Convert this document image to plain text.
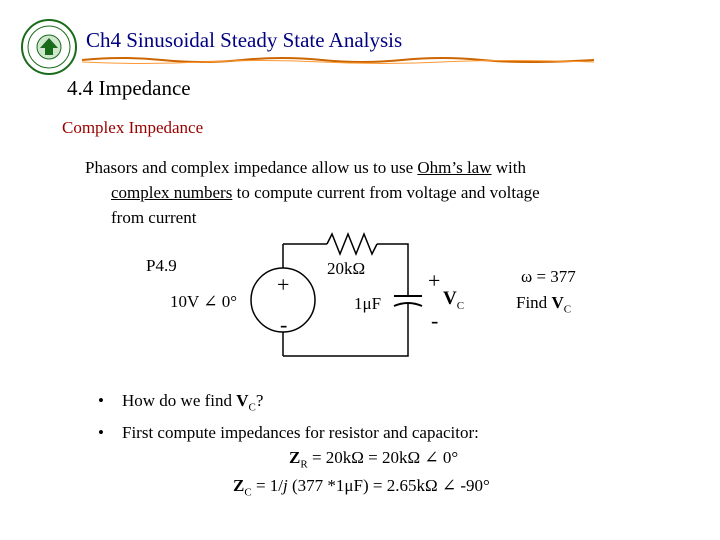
Ch4 Sinusoidal Steady State Analysis
4.4 Impedance
Complex Impedance
Phasors and complex impedance allow us to use Ohm’s law with
complex numbers to compute current from voltage and voltage
from current
P4.9
10V ∠ 0°
+
-
20kΩ
1μF
+
$V_C$
-
ω = 377
Find $V_C$
• How do we find $V_C$?
• First compute impedances for resistor and capacitor:
$Z_R = 20k\Omega = 20k\Omega$ ∠ 0°
$Z_C = 1/j$ (377 *1μF) = 2.65kΩ ∠ -90°
